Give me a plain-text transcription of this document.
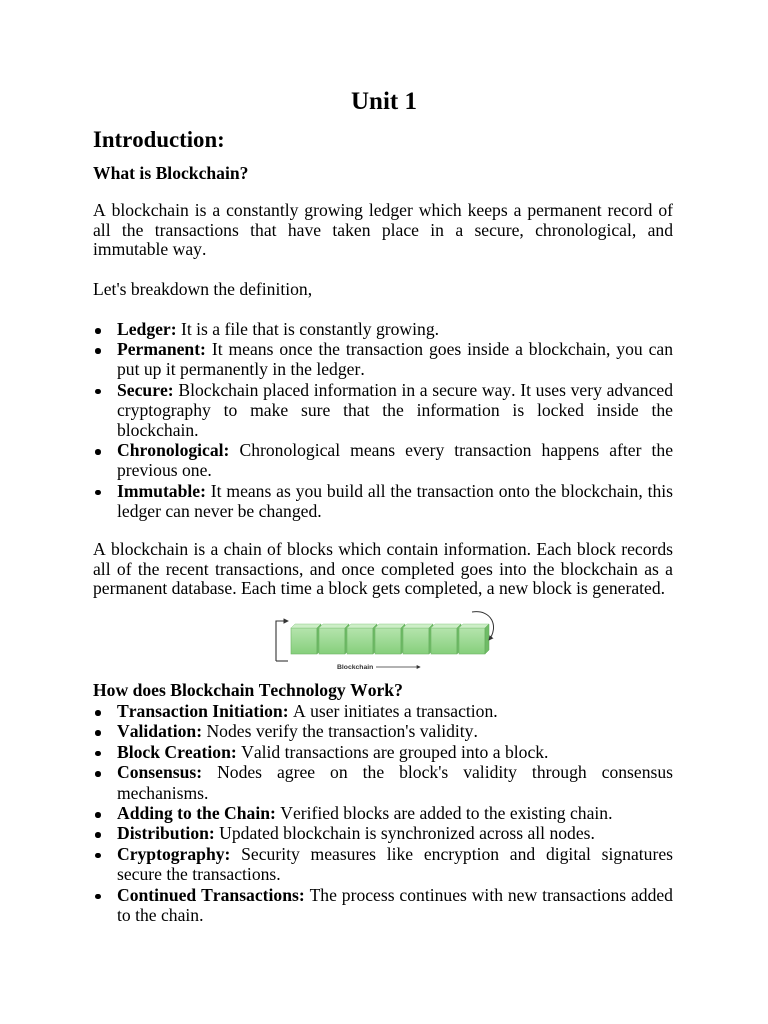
Unit 1
Introduction:
What is Blockchain?
A blockchain is a constantly growing ledger which keeps a permanent record of all the transactions that have taken place in a secure, chronological, and immutable way.
Let's breakdown the definition,
Ledger: It is a file that is constantly growing.
Permanent: It means once the transaction goes inside a blockchain, you can put up it permanently in the ledger.
Secure: Blockchain placed information in a secure way. It uses very advanced cryptography to make sure that the information is locked inside the blockchain.
Chronological: Chronological means every transaction happens after the previous one.
Immutable: It means as you build all the transaction onto the blockchain, this ledger can never be changed.
A blockchain is a chain of blocks which contain information. Each block records all of the recent transactions, and once completed goes into the blockchain as a permanent database. Each time a block gets completed, a new block is generated.
Blockchain
How does Blockchain Technology Work?
Transaction Initiation: A user initiates a transaction.
Validation: Nodes verify the transaction's validity.
Block Creation: Valid transactions are grouped into a block.
Consensus: Nodes agree on the block's validity through consensus mechanisms.
Adding to the Chain: Verified blocks are added to the existing chain.
Distribution: Updated blockchain is synchronized across all nodes.
Cryptography: Security measures like encryption and digital signatures secure the transactions.
Continued Transactions: The process continues with new transactions added to the chain.
